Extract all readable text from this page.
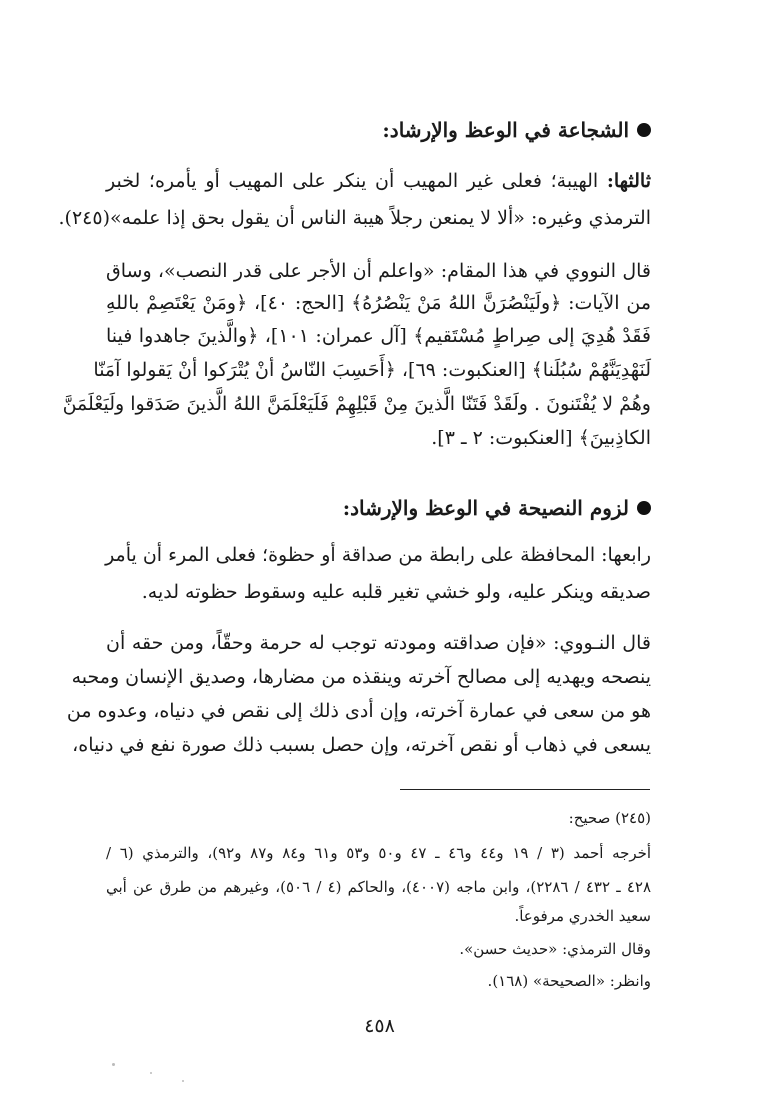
الشجاعة في الوعظ والإرشاد:
ثالثها: الهيبة؛ فعلى غير المهيب أن ينكر على المهيب أو يأمره؛ لخبر
الترمذي وغيره: «ألا لا يمنعن رجلاً هيبة الناس أن يقول بحق إذا علمه»(٢٤٥).
قال النووي في هذا المقام: «واعلم أن الأجر على قدر النصب»، وساق
من الآيات: ﴿ولَيَنْصُرَنَّ اللهُ مَنْ يَنْصُرُهُ﴾ [الحج: ٤٠]، ﴿ومَنْ يَعْتَصِمْ باللهِ
فَقَدْ هُدِيَ إلى صِراطٍ مُسْتَقيم﴾ [آل عمران: ١٠١]، ﴿والَّذينَ جاهدوا فينا
لَنَهْدِيَنَّهُمْ سُبُلَنا﴾ [العنكبوت: ٦٩]، ﴿أَحَسِبَ النّاسُ أنْ يُتْرَكوا أنْ يَقولوا آمَنّا
وهُمْ لا يُفْتَنونَ . ولَقَدْ فَتَنّا الَّذينَ مِنْ قَبْلِهِمْ فَلَيَعْلَمَنَّ اللهُ الَّذينَ صَدَقوا ولَيَعْلَمَنَّ
الكاذِبينَ﴾ [العنكبوت: ٢ ـ ٣].
لزوم النصيحة في الوعظ والإرشاد:
رابعها: المحافظة على رابطة من صداقة أو حظوة؛ فعلى المرء أن يأمر
صديقه وينكر عليه، ولو خشي تغير قلبه عليه وسقوط حظوته لديه.
قال النـووي: «فإن صداقته ومودته توجب له حرمة وحقّاً، ومن حقه أن
ينصحه ويهديه إلى مصالح آخرته وينقذه من مضارها، وصديق الإنسان ومحبه
هو من سعى في عمارة آخرته، وإن أدى ذلك إلى نقص في دنياه، وعدوه من
يسعى في ذهاب أو نقص آخرته، وإن حصل بسبب ذلك صورة نفع في دنياه،
(٢٤٥) صحيح:
أخرجه أحمد (٣ / ١٩ و٤٤ و٤٦ ـ ٤٧ و٥٠ و٥٣ و٦١ و٨٤ و٨٧ و٩٢)، والترمذي (٦ /
٤٢٨ ـ ٤٣٢ / ٢٢٨٦)، وابن ماجه (٤٠٠٧)، والحاكم (٤ / ٥٠٦)، وغيرهم من طرق عن أبي
سعيد الخدري مرفوعاً.
وقال الترمذي: «حديث حسن».
وانظر: «الصحيحة» (١٦٨).
٤٥٨
